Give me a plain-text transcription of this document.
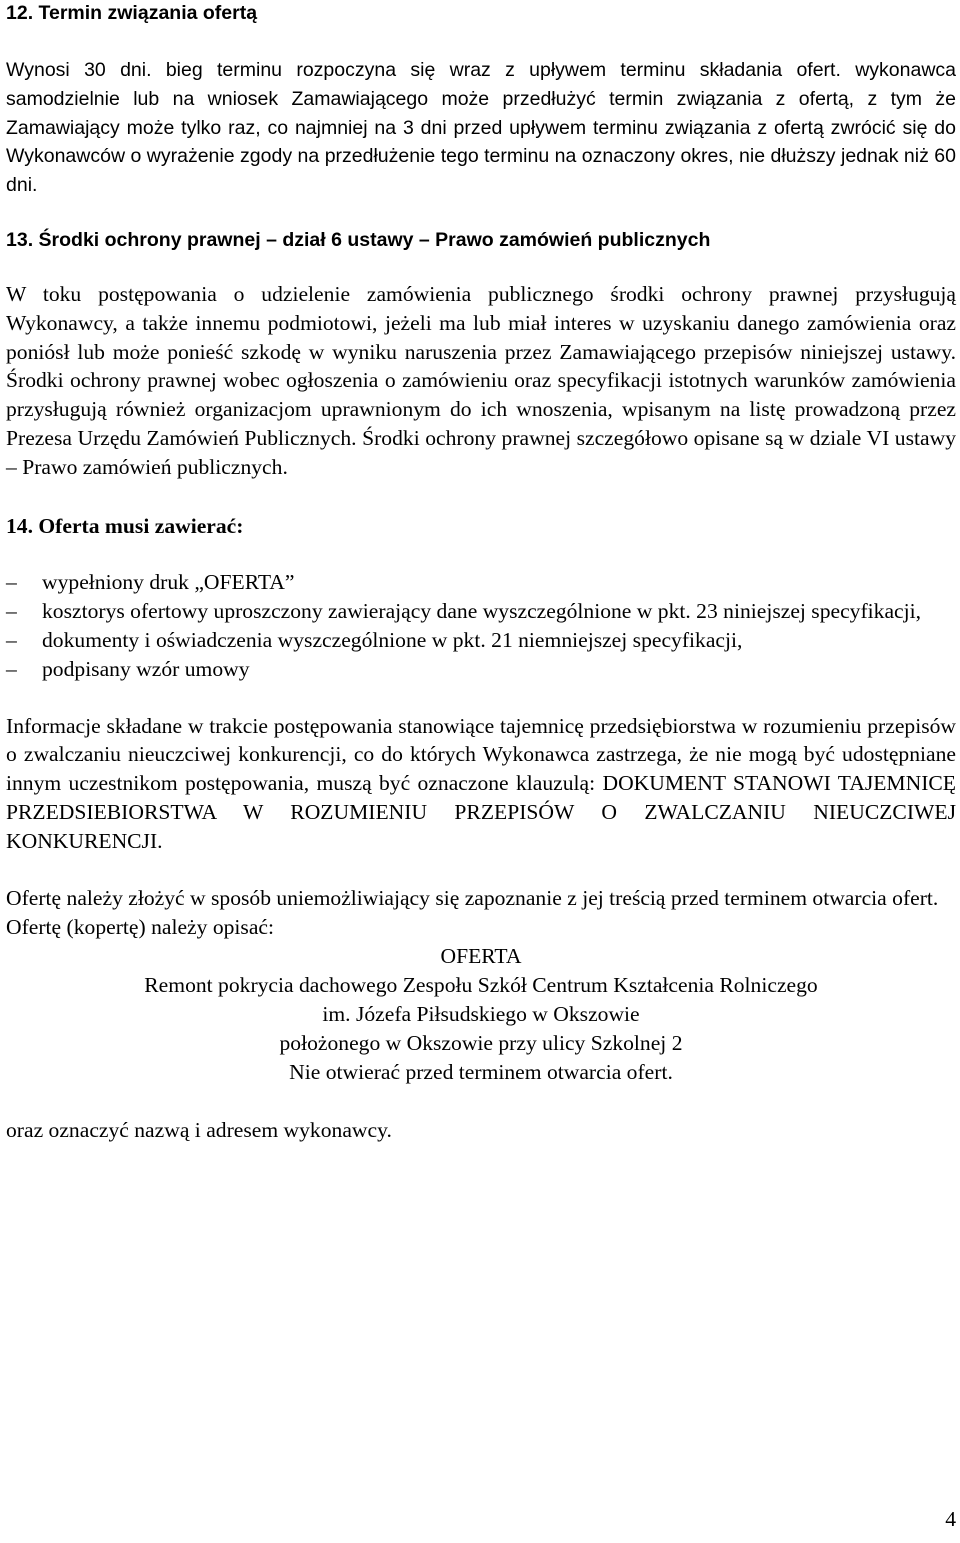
12. Termin związania ofertą

Wynosi 30 dni. bieg terminu rozpoczyna się wraz z upływem terminu składania ofert. wykonawca samodzielnie lub na wniosek Zamawiającego może przedłużyć termin związania z ofertą, z tym że Zamawiający może tylko raz, co najmniej na 3 dni przed upływem terminu związania z ofertą zwrócić się do Wykonawców o wyrażenie zgody na przedłużenie tego terminu na oznaczony okres, nie dłuższy jednak niż 60 dni.

13. Środki ochrony prawnej – dział 6 ustawy – Prawo zamówień publicznych

W toku postępowania o udzielenie zamówienia publicznego środki ochrony prawnej przysługują Wykonawcy, a także innemu podmiotowi, jeżeli ma lub miał interes w uzyskaniu danego zamówienia oraz poniósł lub może ponieść szkodę w wyniku naruszenia przez Zamawiającego przepisów niniejszej ustawy. Środki ochrony prawnej wobec ogłoszenia o zamówieniu oraz specyfikacji istotnych warunków zamówienia przysługują również organizacjom uprawnionym do ich wnoszenia, wpisanym na listę prowadzoną przez Prezesa Urzędu Zamówień Publicznych. Środki ochrony prawnej szczegółowo opisane są w dziale VI ustawy – Prawo zamówień publicznych.

14. Oferta musi zawierać:
– wypełniony druk „OFERTA”
– kosztorys ofertowy uproszczony zawierający dane wyszczególnione w pkt. 23 niniejszej specyfikacji,
– dokumenty i oświadczenia wyszczególnione w pkt. 21 niemniejszej specyfikacji,
– podpisany wzór umowy

Informacje składane w trakcie postępowania stanowiące tajemnicę przedsiębiorstwa w rozumieniu przepisów o zwalczaniu nieuczciwej konkurencji, co do których Wykonawca zastrzega, że nie mogą być udostępniane innym uczestnikom postępowania, muszą być oznaczone klauzulą: DOKUMENT STANOWI TAJEMNICĘ PRZEDSIEBIORSTWA W ROZUMIENIU PRZEPISÓW O ZWALCZANIU NIEUCZCIWEJ KONKURENCJI.

Ofertę należy złożyć w sposób uniemożliwiający się zapoznanie z jej treścią przed terminem otwarcia ofert.

Ofertę (kopertę) należy opisać:

OFERTA
Remont pokrycia dachowego Zespołu Szkół Centrum Kształcenia Rolniczego
im. Józefa Piłsudskiego w Okszowie
położonego w Okszowie przy ulicy Szkolnej 2
Nie otwierać przed terminem otwarcia ofert.

oraz oznaczyć nazwą i adresem wykonawcy.

4
